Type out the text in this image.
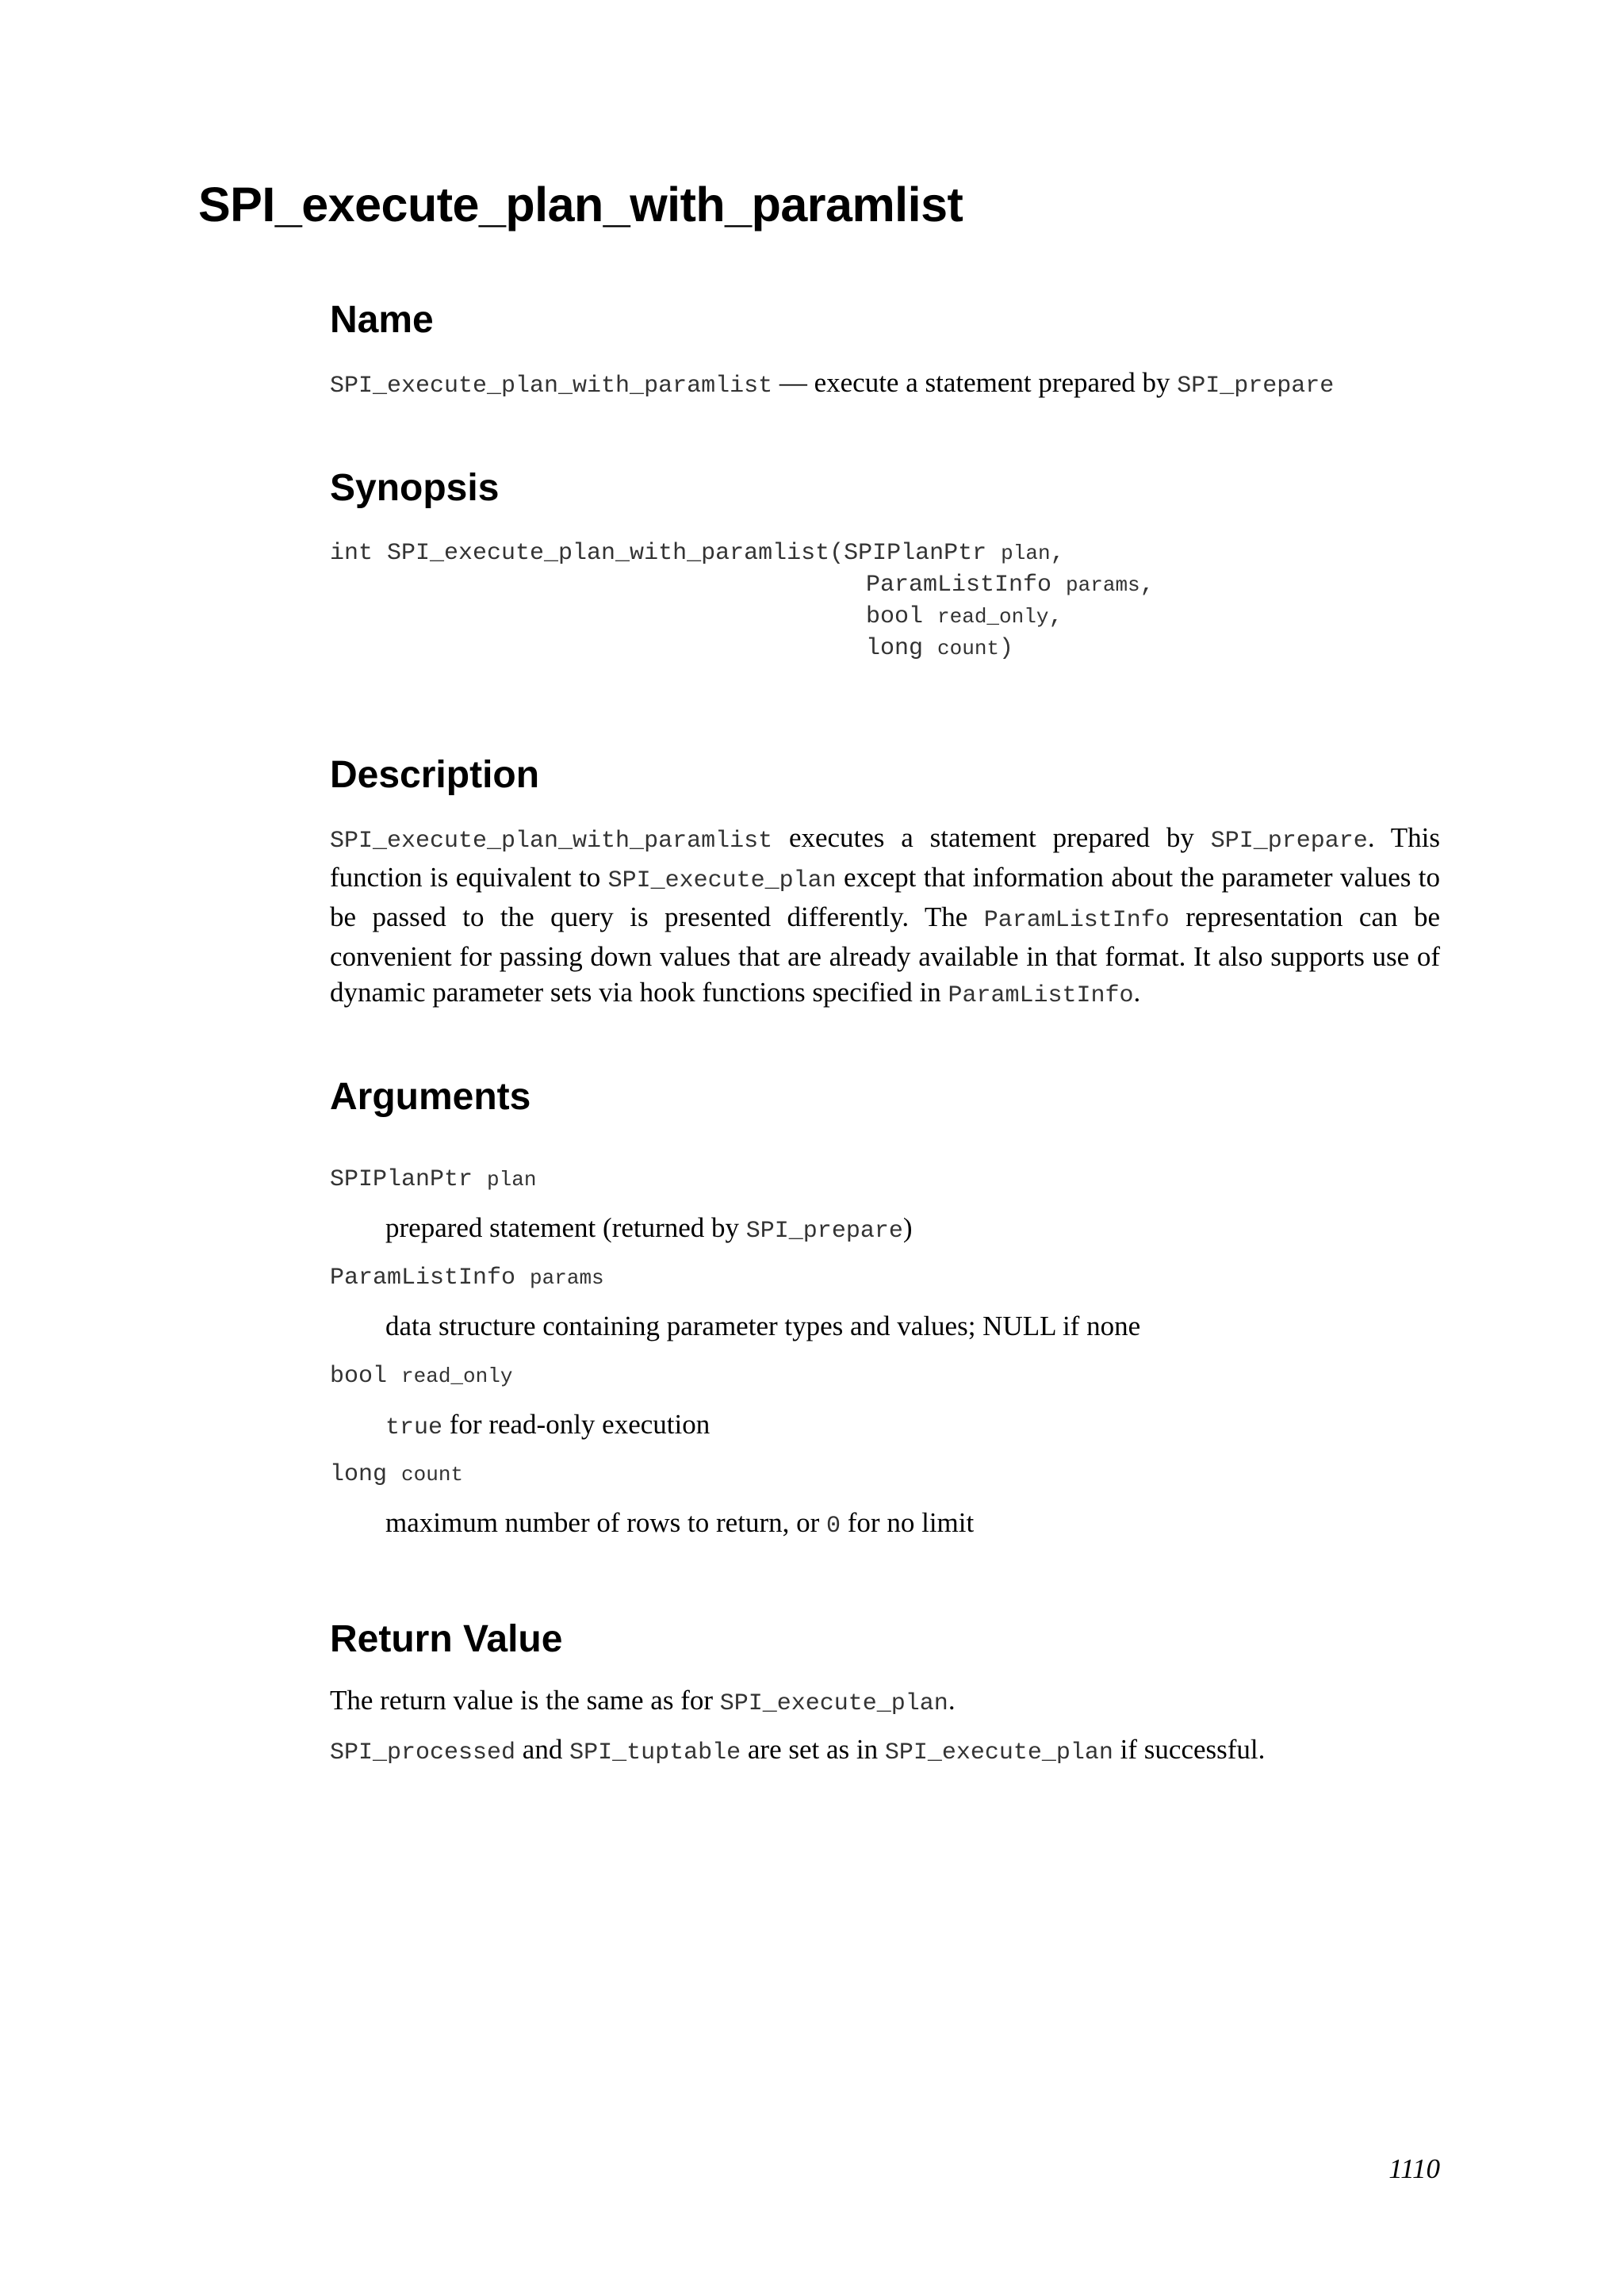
SPI_execute_plan_with_paramlist
Name

SPI_execute_plan_with_paramlist — execute a statement prepared by SPI_prepare

Synopsis

int SPI_execute_plan_with_paramlist(SPIPlanPtr plan,

ParamListInfo params,

bool read_only,

long count)

Description

SPI_execute_plan_with_paramlist executes a statement prepared by SPI_prepare. This function is equivalent to SPI_execute_plan except that information about the parameter values to be passed to the query is presented differently. The ParamListInfo representation can be convenient for passing down values that are already available in that format. It also supports use of dynamic parameter sets via hook functions specified in ParamListInfo.

Arguments

SPIPlanPtr plan

prepared statement (returned by SPI_prepare)

ParamListInfo params

data structure containing parameter types and values; NULL if none

bool read_only

true for read-only execution

long count

maximum number of rows to return, or 0 for no limit

Return Value

The return value is the same as for SPI_execute_plan.

SPI_processed and SPI_tuptable are set as in SPI_execute_plan if successful.

1110
